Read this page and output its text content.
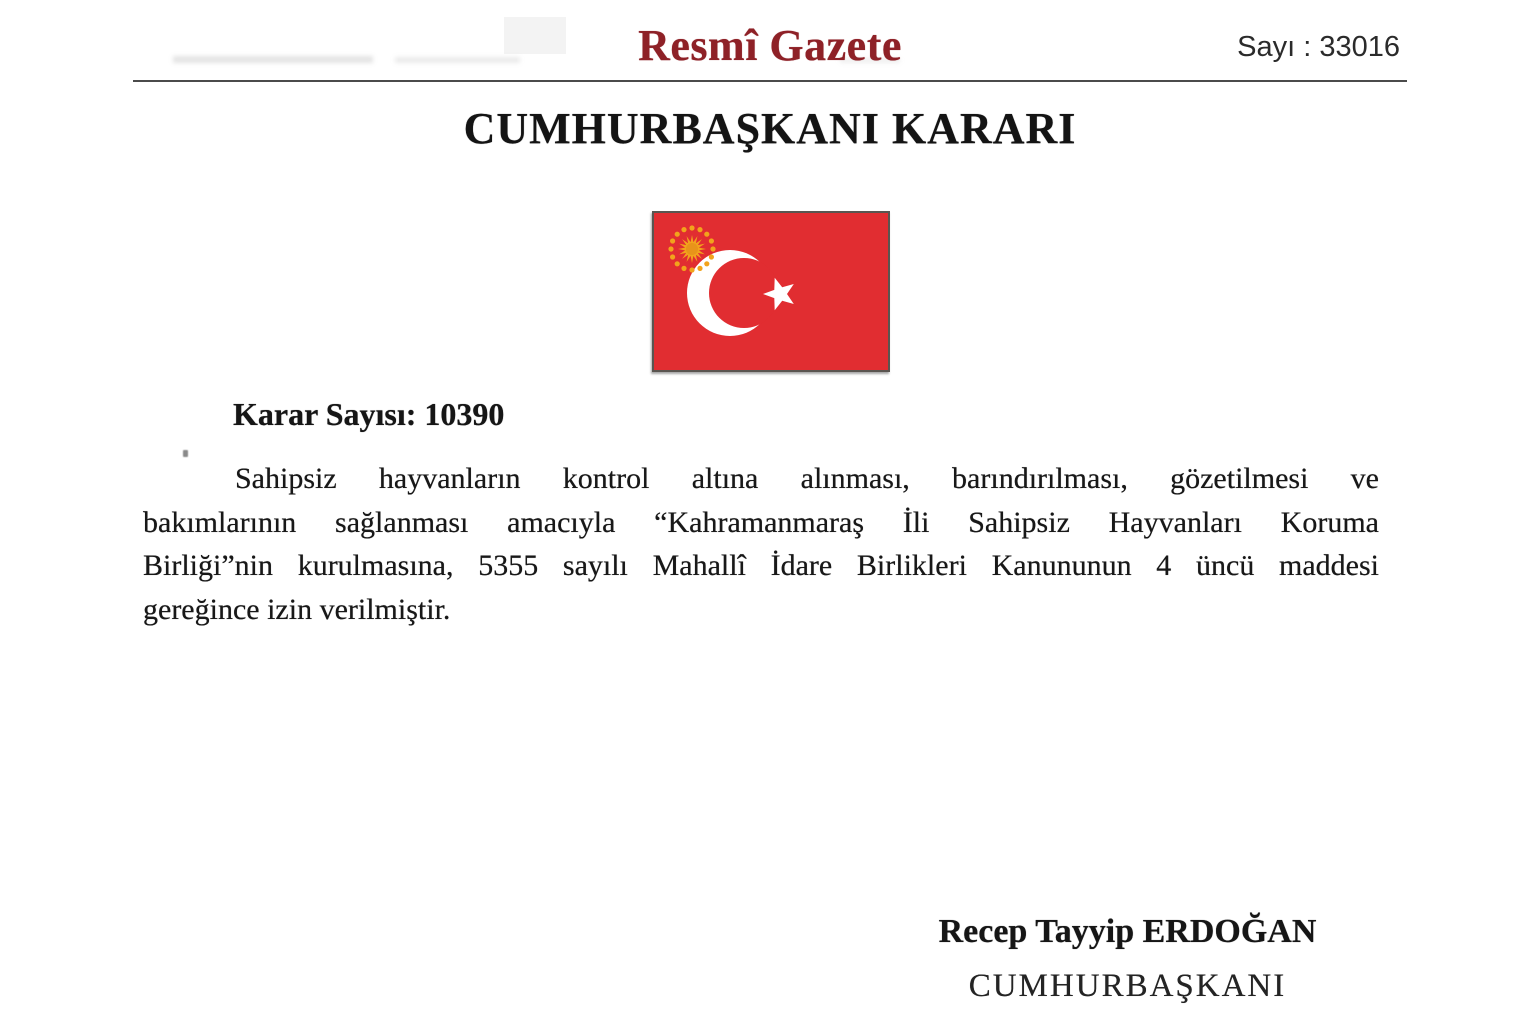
Resmî Gazete	Sayı : 33016
CUMHURBAŞKANI KARARI
Karar Sayısı: 10390
Sahipsiz hayvanların kontrol altına alınması, barındırılması, gözetilmesi ve
bakımlarının sağlanması amacıyla “Kahramanmaraş İli Sahipsiz Hayvanları Koruma
Birliği”nin kurulmasına, 5355 sayılı Mahallî İdare Birlikleri Kanununun 4 üncü maddesi
gereğince izin verilmiştir.
Recep Tayyip ERDOĞAN
CUMHURBAŞKANI
